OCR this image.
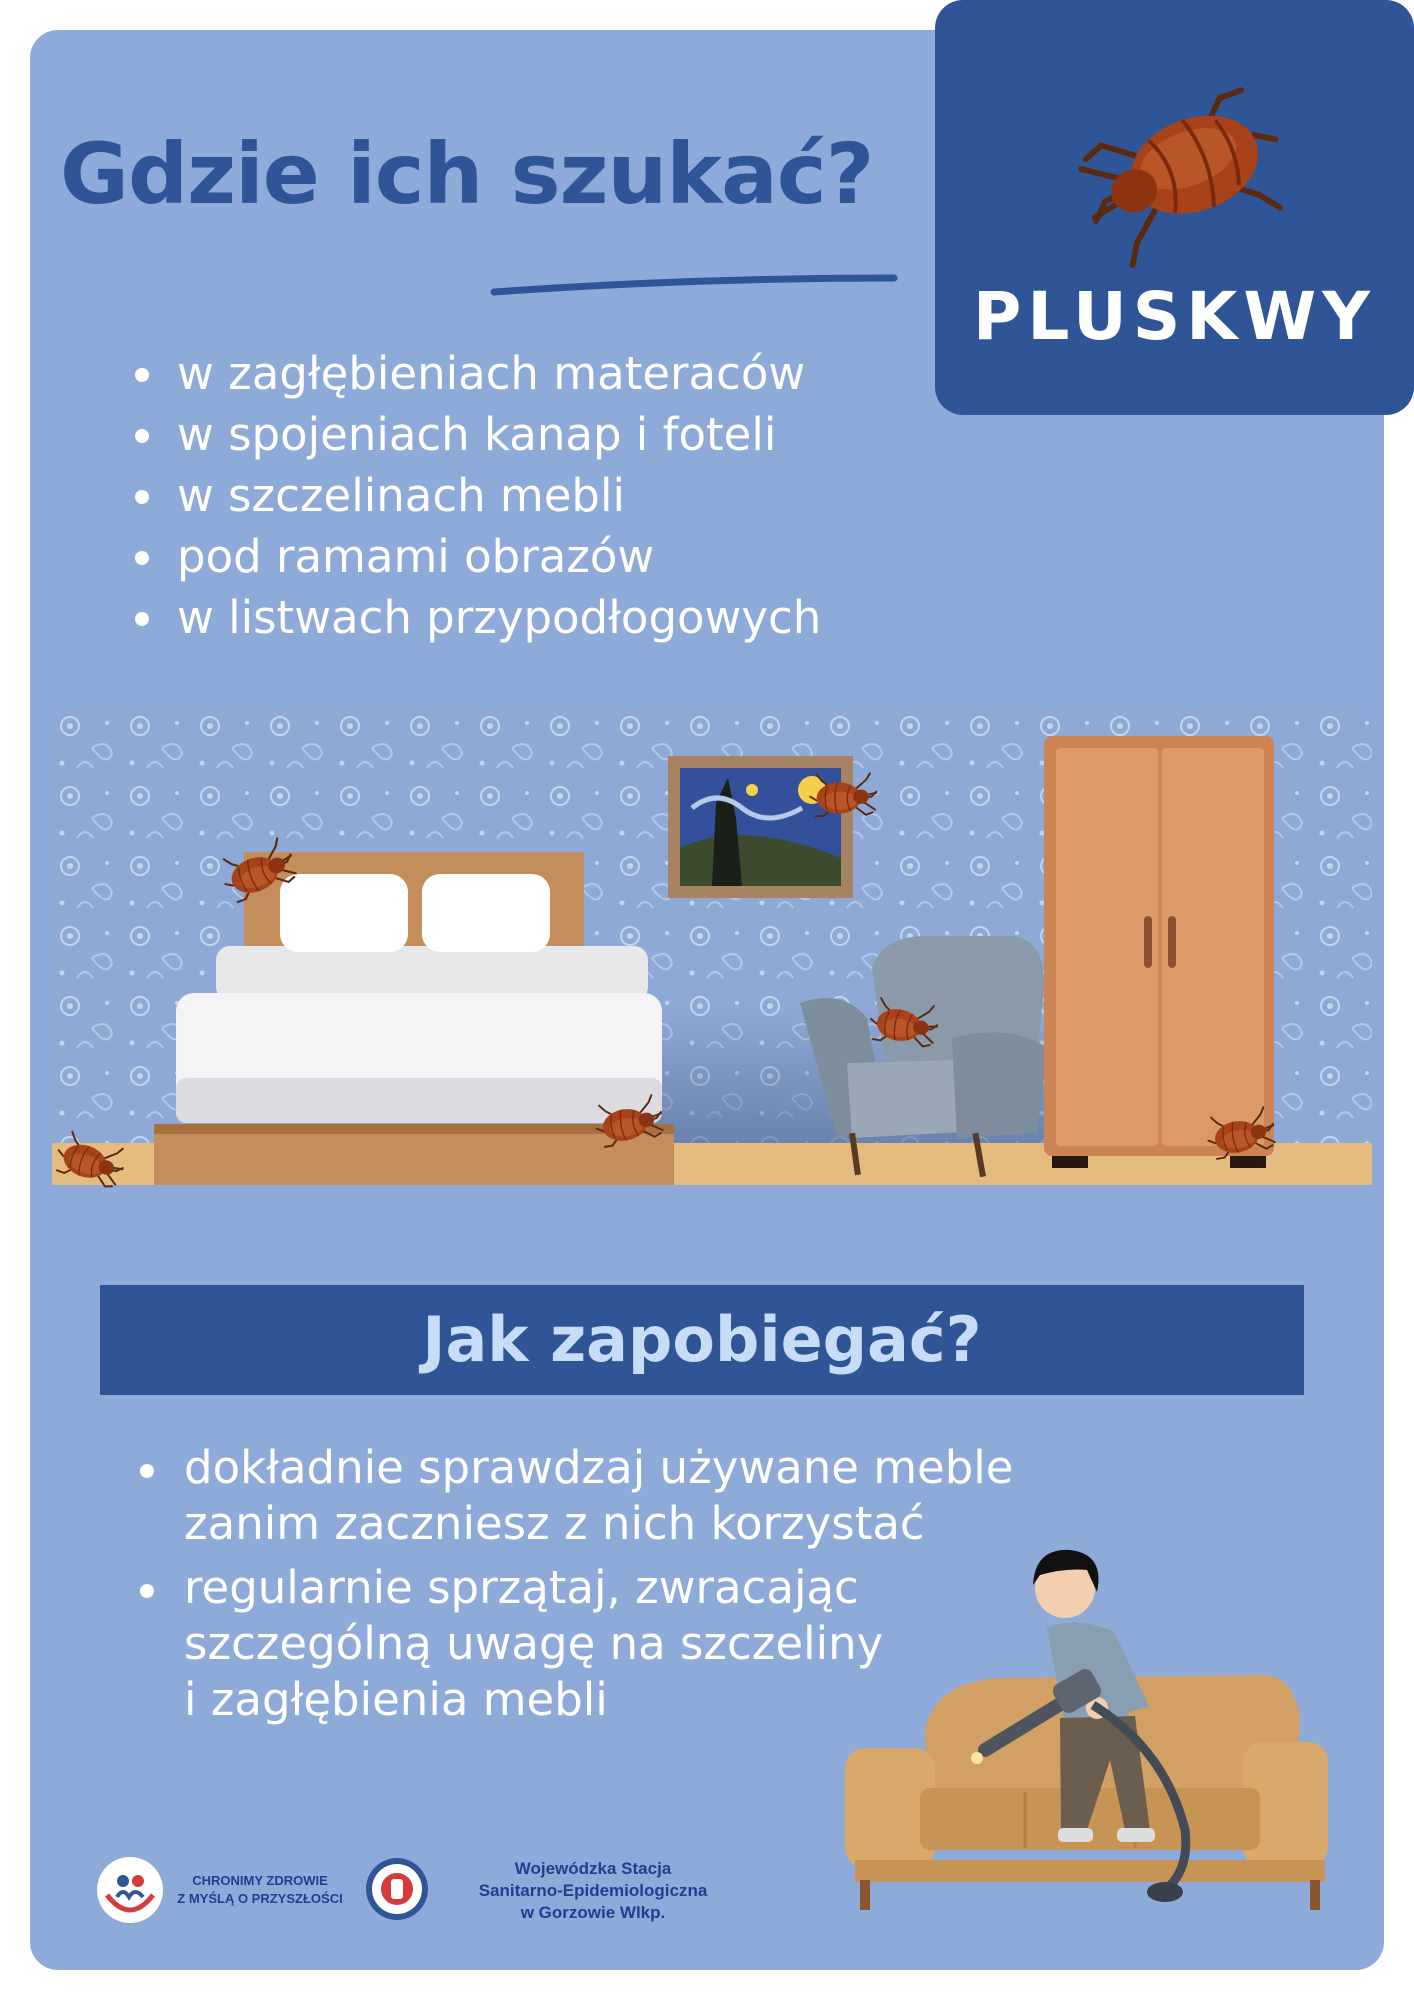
Gdzie ich szukać?
PLUSKWY
w zagłębieniach materaców
w spojeniach kanap i foteli
w szczelinach mebli
pod ramami obrazów
w listwach przypodłogowych
Jak zapobiegać?
dokładnie sprawdzaj używane meble
zanim zaczniesz z nich korzystać
regularnie sprzątaj, zwracając
szczególną uwagę na szczeliny
i zagłębienia mebli
CHRONIMY ZDROWIE
Z MYŚLĄ O PRZYSZŁOŚCI
Wojewódzka Stacja
Sanitarno-Epidemiologiczna
w Gorzowie Wlkp.
